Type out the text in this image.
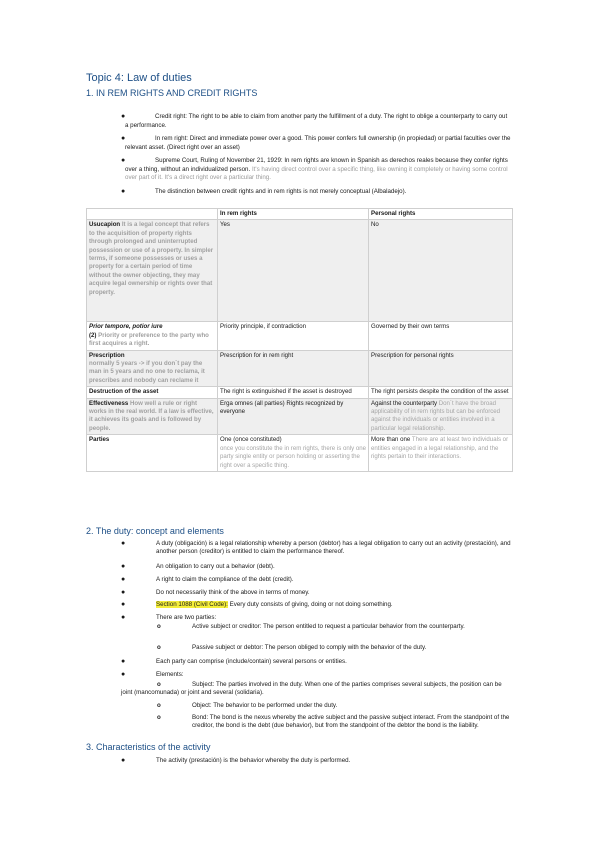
Topic 4: Law of duties
1. IN REM RIGHTS AND CREDIT RIGHTS
●	Credit right: The right to be able to claim from another party the fulfillment of a duty. The right to oblige a counterparty to carry out a performance.
●	In rem right: Direct and immediate power over a good. This power confers full ownership (in propiedad) or partial faculties over the relevant asset. (Direct right over an asset)
●	Supreme Court, Ruling of November 21, 1929: In rem rights are known in Spanish as derechos reales because they confer rights over a thing, without an individualized person. It's having direct control over a specific thing, like owning it completely or having some control over part of it. It's a direct right over a particular thing.
●	The distinction between credit rights and in rem rights is not merely conceptual (Albaladejo).
	In rem rights	Personal rights
Usucapion It is a legal concept that refers to the acquisition of property rights through prolonged and uninterrupted possession or use of a property. In simpler terms, if someone possesses or uses a property for a certain period of time without the owner objecting, they may acquire legal ownership or rights over that property.	Yes	No
Prior tempore, potior iure
(2) Priority or preference to the party who first acquires a right.	Priority principle, if contradiction	Governed by their own terms
Prescription
normally 5 years -> if you don´t pay the man in 5 years and no one to reclama, it prescribes and nobody can reclame it	Prescription for in rem right	Prescription for personal rights
Destruction of the asset	The right is extinguished if the asset is destroyed	The right persists despite the condition of the asset
Effectiveness How well a rule or right works in the real world. If a law is effective, it achieves its goals and is followed by people.	Erga omnes (all parties) Rights recognized by everyone	Against the counterparty Don´t have the broad applicability of in rem rights but can be enforced against the individuals or entities involved in a particular legal relationship.
Parties	One (once constituted)
once you constitute the in rem rights, there is only one party single entity or person holding or asserting the right over a specific thing.	More than one There are at least two individuals or entities engaged in a legal relationship, and the rights pertain to their interactions.
2. The duty: concept and elements
●	A duty (obligación) is a legal relationship whereby a person (debtor) has a legal obligation to carry out an activity (prestación), and another person (creditor) is entitled to claim the performance thereof.
●	An obligation to carry out a behavior (debt).
●	A right to claim the compliance of the debt (credit).
●	Do not necessarily think of the above in terms of money.
●	Section 1088 (Civil Code): Every duty consists of giving, doing or not doing something.
●	There are two parties:
o	Active subject or creditor: The person entitled to request a particular behavior from the counterparty.
o	Passive subject or debtor: The person obliged to comply with the behavior of the duty.
●	Each party can comprise (include/contain) several persons or entities.
●	Elements:
o	Subject: The parties involved in the duty. When one of the parties comprises several subjects, the position can be joint (mancomunada) or joint and several (solidaria).
o	Object: The behavior to be performed under the duty.
o	Bond: The bond is the nexus whereby the active subject and the passive subject interact. From the standpoint of the creditor, the bond is the debt (due behavior), but from the standpoint of the debtor the bond is the liability.
3. Characteristics of the activity
●	The activity (prestación) is the behavior whereby the duty is performed.
